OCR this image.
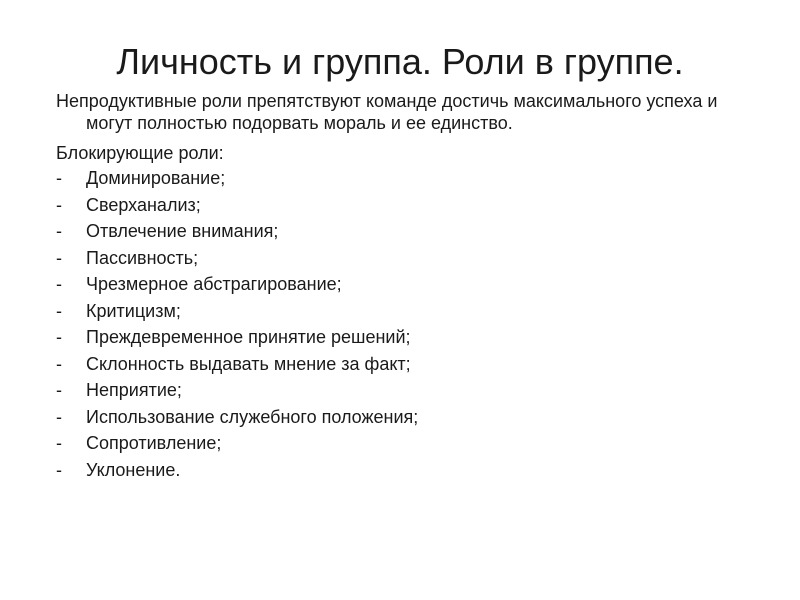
Личность и группа. Роли в группе.

Непродуктивные роли препятствуют команде достичь максимального успеха и могут полностью подорвать мораль и ее единство.

Блокирующие роли:

- Доминирование;
- Сверханализ;
- Отвлечение внимания;
- Пассивность;
- Чрезмерное абстрагирование;
- Критицизм;
- Преждевременное принятие решений;
- Склонность выдавать мнение за факт;
- Неприятие;
- Использование служебного положения;
- Сопротивление;
- Уклонение.
